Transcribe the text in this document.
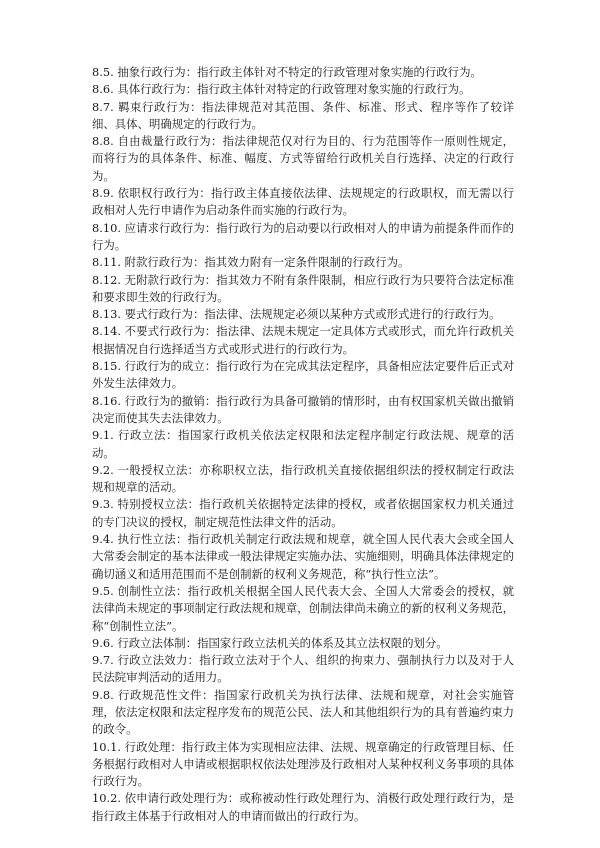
8.5. 抽象行政行为：指行政主体针对不特定的行政管理对象实施的行政行为。

8.6. 具体行政行为：指行政主体针对特定的行政管理对象实施的行政行为。

8.7. 羁束行政行为：指法律规范对其范围、条件、标准、形式、程序等作了较详细、具体、明确规定的行政行为。

8.8. 自由裁量行政行为：指法律规范仅对行为目的、行为范围等作一原则性规定，而将行为的具体条件、标准、幅度、方式等留给行政机关自行选择、决定的行政行为。

8.9. 依职权行政行为：指行政主体直接依法律、法规规定的行政职权，而无需以行政相对人先行申请作为启动条件而实施的行政行为。

8.10. 应请求行政行为：指行政行为的启动要以行政相对人的申请为前提条件而作的行为。

8.11. 附款行政行为：指其效力附有一定条件限制的行政行为。

8.12. 无附款行政行为：指其效力不附有条件限制，相应行政行为只要符合法定标准和要求即生效的行政行为。

8.13. 要式行政行为：指法律、法规规定必须以某种方式或形式进行的行政行为。

8.14. 不要式行政行为：指法律、法规未规定一定具体方式或形式，而允许行政机关根据情况自行选择适当方式或形式进行的行政行为。

8.15. 行政行为的成立：指行政行为在完成其法定程序，具备相应法定要件后正式对外发生法律效力。

8.16. 行政行为的撤销：指行政行为具备可撤销的情形时，由有权国家机关做出撤销决定而使其失去法律效力。

9.1. 行政立法：指国家行政机关依法定权限和法定程序制定行政法规、规章的活动。

9.2. 一般授权立法：亦称职权立法，指行政机关直接依据组织法的授权制定行政法规和规章的活动。

9.3. 特别授权立法：指行政机关依据特定法律的授权，或者依据国家权力机关通过的专门决议的授权，制定规范性法律文件的活动。

9.4. 执行性立法：指行政机关制定行政法规和规章，就全国人民代表大会或全国人大常委会制定的基本法律或一般法律规定实施办法、实施细则，明确具体法律规定的确切涵义和适用范围而不是创制新的权利义务规范，称“执行性立法”。

9.5. 创制性立法：指行政机关根据全国人民代表大会、全国人大常委会的授权，就法律尚未规定的事项制定行政法规和规章，创制法律尚未确立的新的权利义务规范，称“创制性立法”。

9.6. 行政立法体制：指国家行政立法机关的体系及其立法权限的划分。

9.7. 行政立法效力：指行政立法对于个人、组织的拘束力、强制执行力以及对于人民法院审判活动的适用力。

9.8. 行政规范性文件：指国家行政机关为执行法律、法规和规章，对社会实施管理，依法定权限和法定程序发布的规范公民、法人和其他组织行为的具有普遍约束力的政令。

10.1. 行政处理：指行政主体为实现相应法律、法规、规章确定的行政管理目标、任务根据行政相对人申请或根据职权依法处理涉及行政相对人某种权利义务事项的具体行政行为。

10.2. 依申请行政处理行为：或称被动性行政处理行为、消极行政处理行政行为，是指行政主体基于行政相对人的申请而做出的行政行为。
